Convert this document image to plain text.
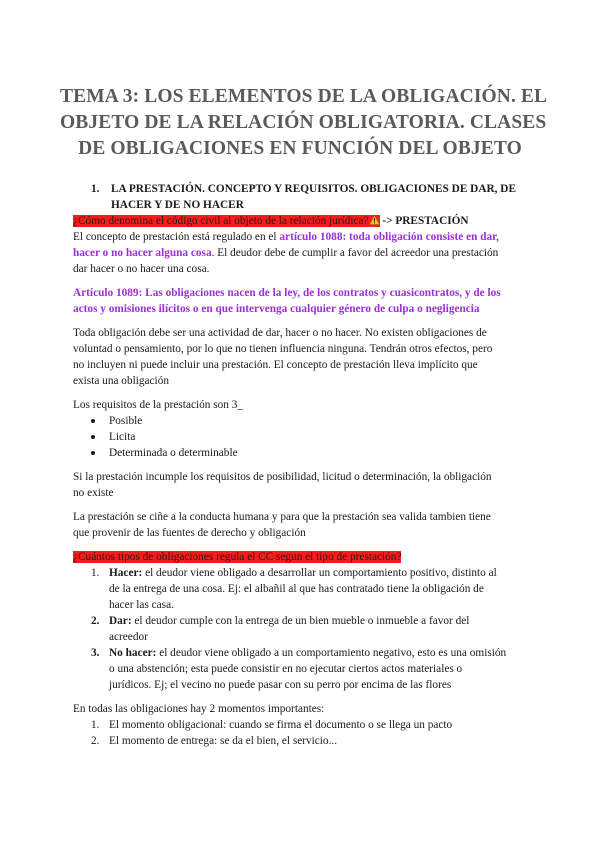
TEMA 3: LOS ELEMENTOS DE LA OBLIGACIÓN. EL
OBJETO DE LA RELACIÓN OBLIGATORIA. CLASES
DE OBLIGACIONES EN FUNCIÓN DEL OBJETO
1. LA PRESTACIÓN. CONCEPTO Y REQUISITOS. OBLIGACIONES DE DAR, DE
HACER Y DE NO HACER
¿Cómo denomina el código civil al objeto de la relación jurídica?
-> PRESTACIÓN
El concepto de prestación está regulado en el artículo 1088: toda obligación consiste en dar,
hacer o no hacer alguna cosa. El deudor debe de cumplir a favor del acreedor una prestación
dar hacer o no hacer una cosa.
Artículo 1089: Las obligaciones nacen de la ley, de los contratos y cuasicontratos, y de los
actos y omisiones ilícitos o en que intervenga cualquier género de culpa o negligencia
Toda obligación debe ser una actividad de dar, hacer o no hacer. No existen obligaciones de
voluntad o pensamiento, por lo que no tienen influencia ninguna. Tendrán otros efectos, pero
no incluyen ni puede incluir una prestación. El concepto de prestación lleva implícito que
exista una obligación
Los requisitos de la prestación son 3_
Posible
Licita
Determinada o determinable
Si la prestación incumple los requisitos de posibilidad, licitud o determinación, la obligación
no existe
La prestación se ciñe a la conducta humana y para que la prestación sea valida tambien tiene
que provenir de las fuentes de derecho y obligación
¿Cuántos tipos de obligaciones regula el CC segun el tipo de prestación?
1. Hacer: el deudor viene obligado a desarrollar un comportamiento positivo, distinto al
de la entrega de una cosa. Ej: el albañil al que has contratado tiene la obligación de
hacer las casa.
2. Dar: el deudor cumple con la entrega de un bien mueble o inmueble a favor del
acreedor
3. No hacer: el deudor viene obligado a un comportamiento negativo, esto es una omisión
o una abstención; esta puede consistir en no ejecutar ciertos actos materiales o
jurídicos. Ej; el vecino no puede pasar con su perro por encima de las flores
En todas las obligaciones hay 2 momentos importantes:
1. El momento obligacional: cuando se firma el documento o se llega un pacto
2. El momento de entrega: se da el bien, el servicio...
